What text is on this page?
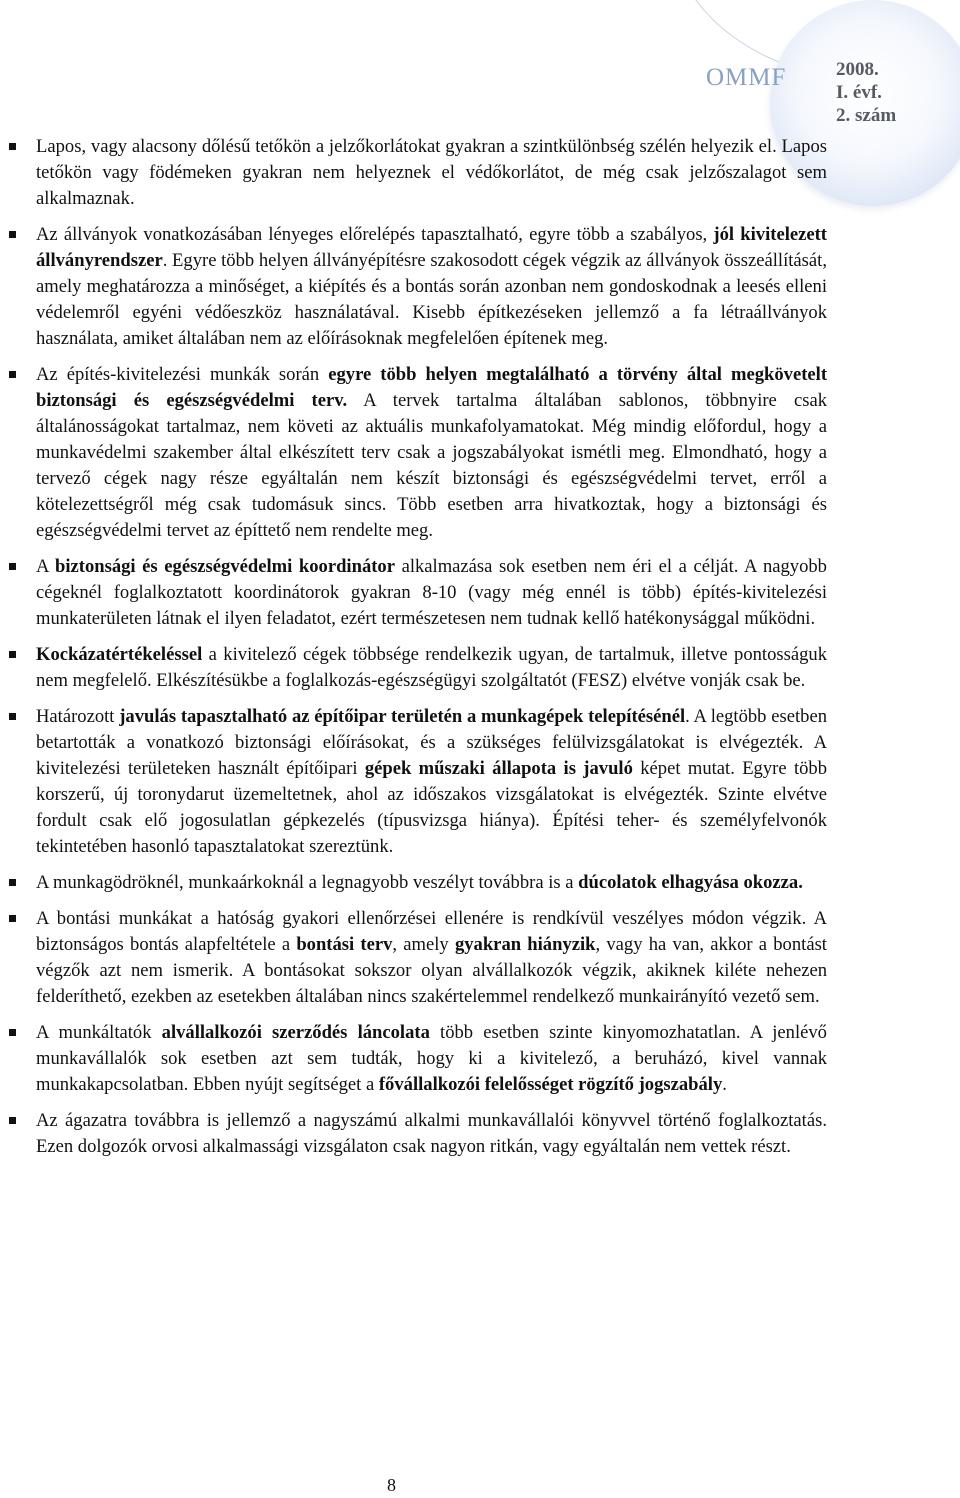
OMMF	2008.
I. évf.
2. szám
Lapos, vagy alacsony dőlésű tetőkön a jelzőkorlátokat gyakran a szintkülönbség szélén helyezik el. Lapos tetőkön vagy födémeken gyakran nem helyeznek el védőkorlátot, de még csak jelzőszalagot sem alkalmaznak.
Az állványok vonatkozásában lényeges előrelépés tapasztalható, egyre több a szabályos, jól kivitelezett állványrendszer. Egyre több helyen állványépítésre szakosodott cégek végzik az állványok összeállítását, amely meghatározza a minőséget, a kiépítés és a bontás során azonban nem gondoskodnak a leesés elleni védelemről egyéni védőeszköz használatával. Kisebb építkezéseken jellemző a fa létraállványok használata, amiket általában nem az előírásoknak megfelelően építenek meg.
Az építés-kivitelezési munkák során egyre több helyen megtalálható a törvény által megkövetelt biztonsági és egészségvédelmi terv. A tervek tartalma általában sablonos, többnyire csak általánosságokat tartalmaz, nem követi az aktuális munkafolyamatokat. Még mindig előfordul, hogy a munkavédelmi szakember által elkészített terv csak a jogszabályokat ismétli meg. Elmondható, hogy a tervező cégek nagy része egyáltalán nem készít biztonsági és egészségvédelmi tervet, erről a kötelezettségről még csak tudomásuk sincs. Több esetben arra hivatkoztak, hogy a biztonsági és egészségvédelmi tervet az építtető nem rendelte meg.
A biztonsági és egészségvédelmi koordinátor alkalmazása sok esetben nem éri el a célját. A nagyobb cégeknél foglalkoztatott koordinátorok gyakran 8-10 (vagy még ennél is több) építés-kivitelezési munkaterületen látnak el ilyen feladatot, ezért természetesen nem tudnak kellő hatékonysággal működni.
Kockázatértékeléssel a kivitelező cégek többsége rendelkezik ugyan, de tartalmuk, illetve pontosságuk nem megfelelő. Elkészítésükbe a foglalkozás-egészségügyi szolgáltatót (FESZ) elvétve vonják csak be.
Határozott javulás tapasztalható az építőipar területén a munkagépek telepítésénél. A legtöbb esetben betartották a vonatkozó biztonsági előírásokat, és a szükséges felülvizsgálatokat is elvégezték. A kivitelezési területeken használt építőipari gépek műszaki állapota is javuló képet mutat. Egyre több korszerű, új toronydarut üzemeltetnek, ahol az időszakos vizsgálatokat is elvégezték. Szinte elvétve fordult csak elő jogosulatlan gépkezelés (típusvizsga hiánya). Építési teher- és személyfelvonók tekintetében hasonló tapasztalatokat szereztünk.
A munkagödröknél, munkaárkoknál a legnagyobb veszélyt továbbra is a dúcolatok elhagyása okozza.
A bontási munkákat a hatóság gyakori ellenőrzései ellenére is rendkívül veszélyes módon végzik. A biztonságos bontás alapfeltétele a bontási terv, amely gyakran hiányzik, vagy ha van, akkor a bontást végzők azt nem ismerik. A bontásokat sokszor olyan alvállalkozók végzik, akiknek kiléte nehezen felderíthető, ezekben az esetekben általában nincs szakértelemmel rendelkező munkairányító vezető sem.
A munkáltatók alvállalkozói szerződés láncolata több esetben szinte kinyomozhatatlan. A jenlévő munkavállalók sok esetben azt sem tudták, hogy ki a kivitelező, a beruházó, kivel vannak munkakapcsolatban. Ebben nyújt segítséget a fővállalkozói felelősséget rögzítő jogszabály.
Az ágazatra továbbra is jellemző a nagyszámú alkalmi munkavállalói könyvvel történő foglalkoztatás. Ezen dolgozók orvosi alkalmassági vizsgálaton csak nagyon ritkán, vagy egyáltalán nem vettek részt.
8
